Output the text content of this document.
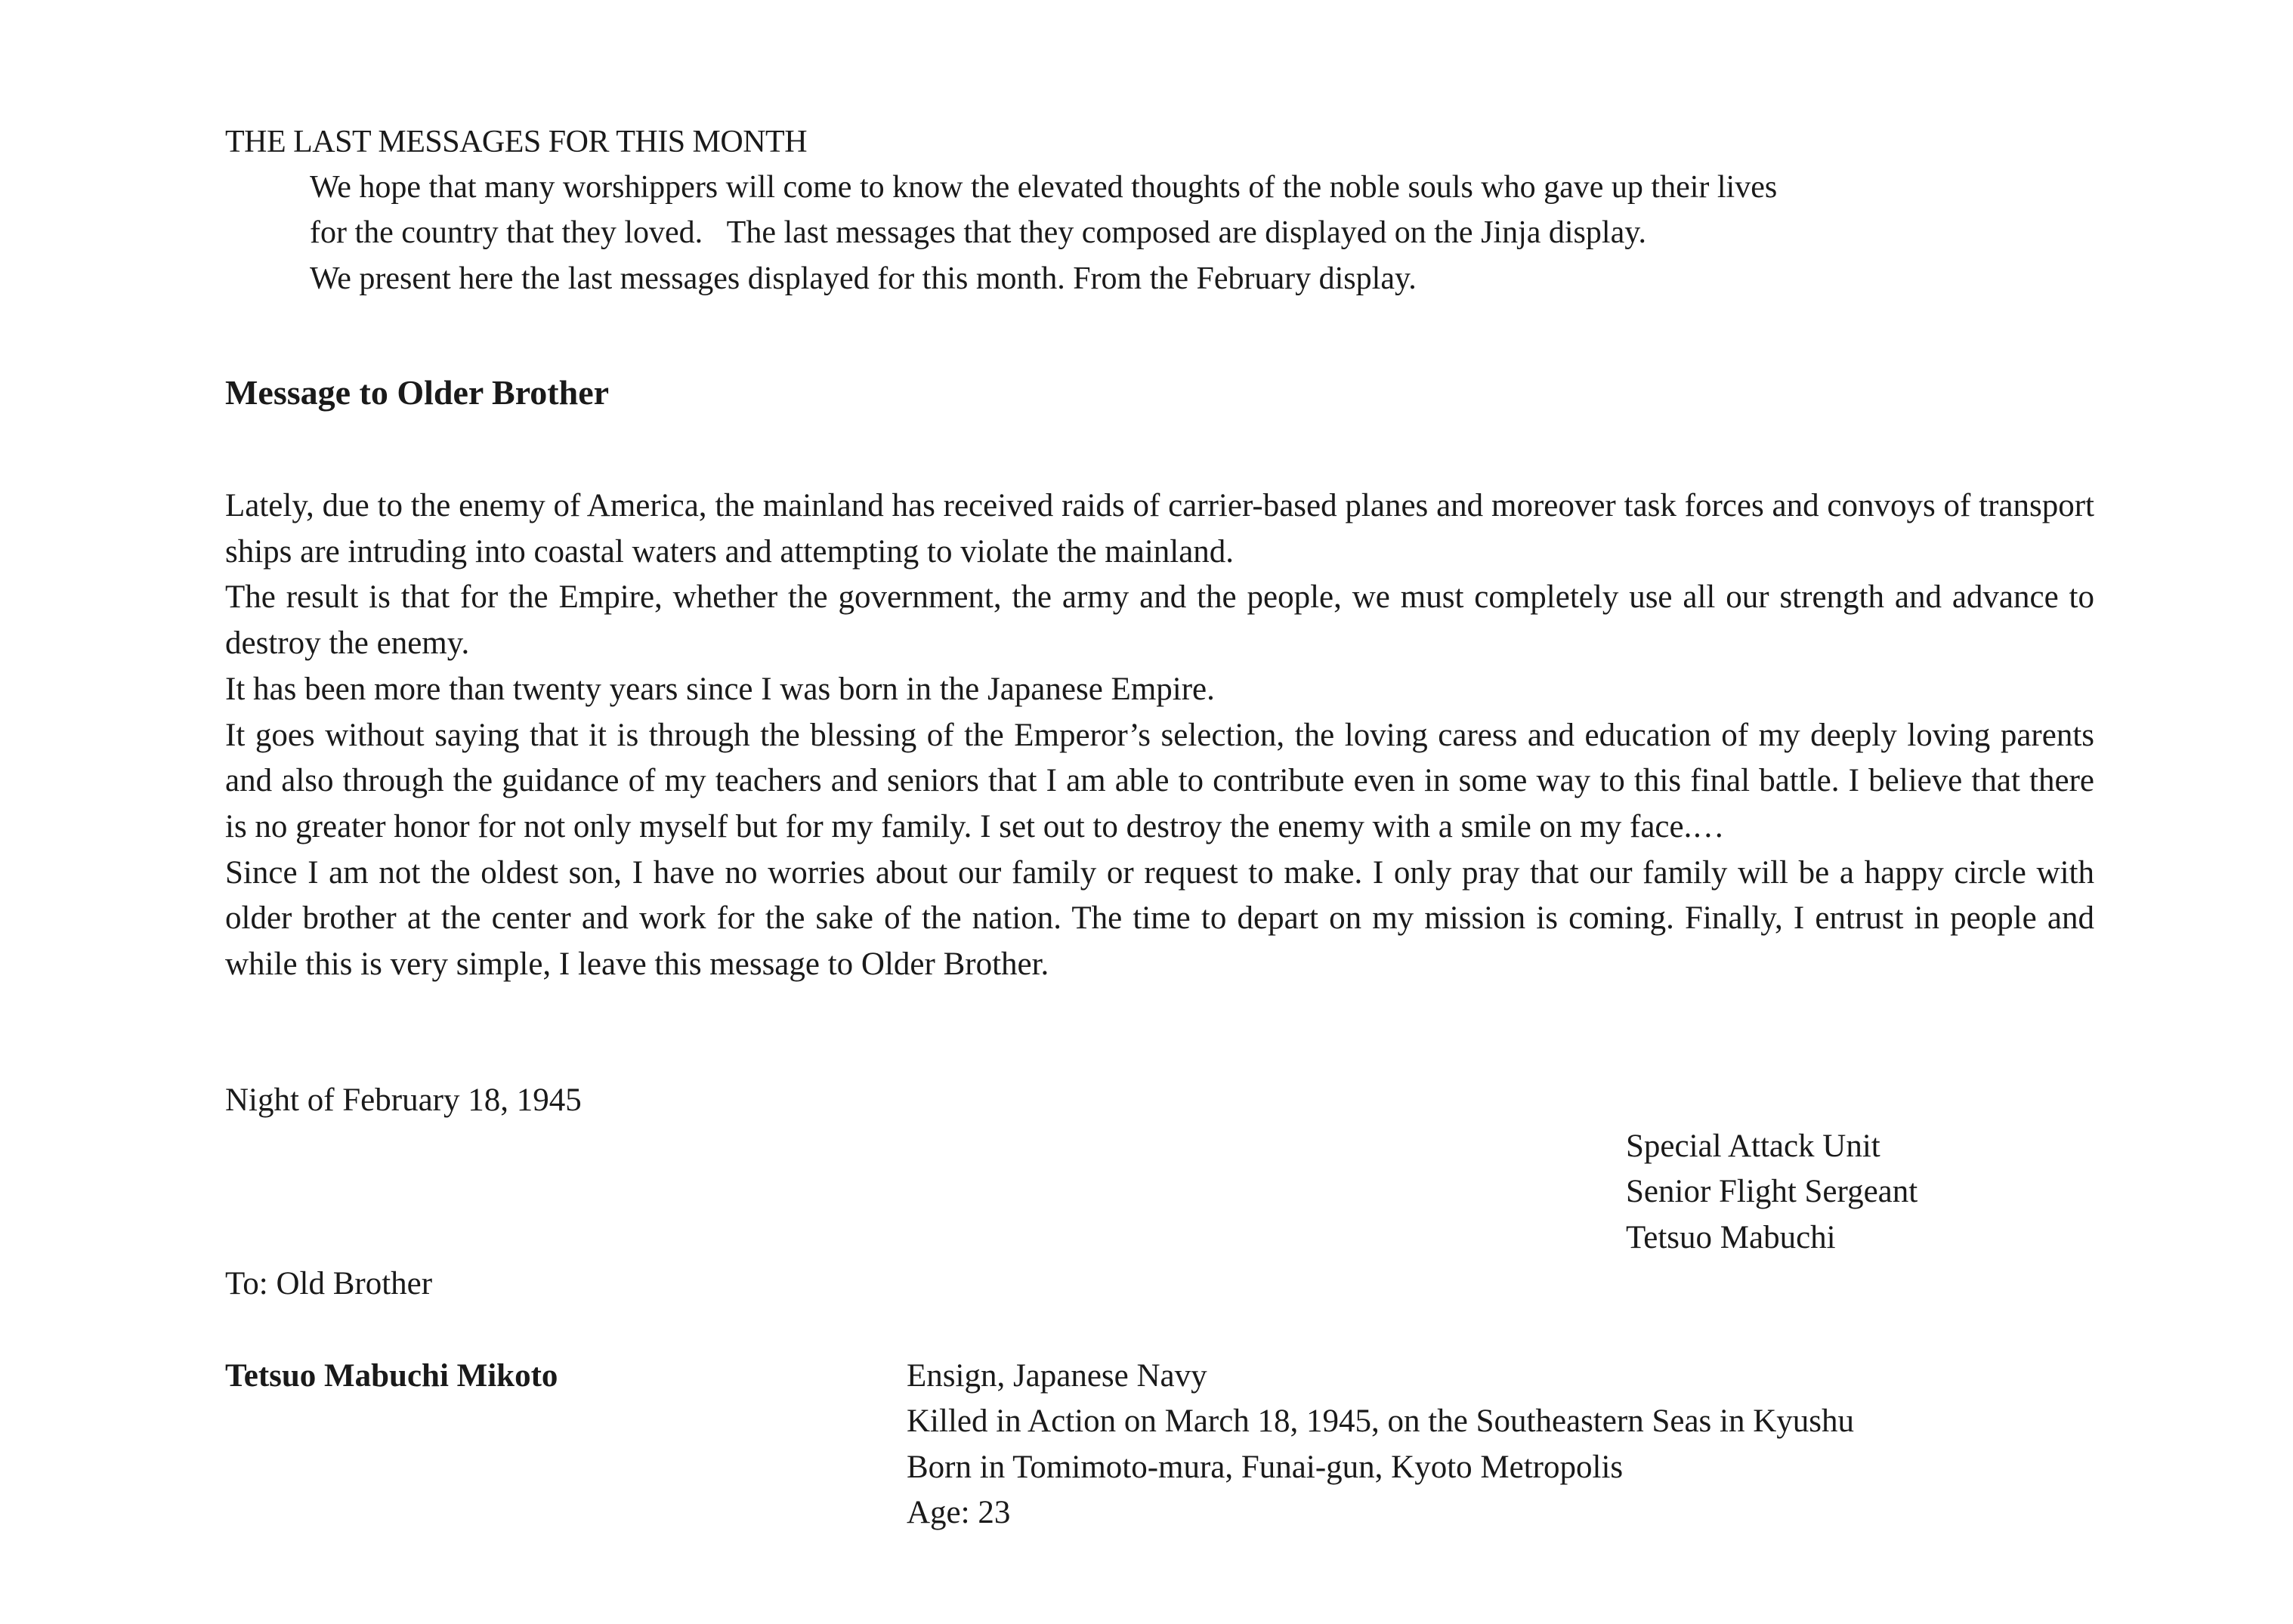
THE LAST MESSAGES FOR THIS MONTH
We hope that many worshippers will come to know the elevated thoughts of the noble souls who gave up their lives
for the country that they loved.   The last messages that they composed are displayed on the Jinja display.
We present here the last messages displayed for this month. From the February display.
Message to Older Brother

Lately, due to the enemy of America, the mainland has received raids of carrier-based planes and moreover task forces and convoys of transport ships are intruding into coastal waters and attempting to violate the mainland.

The result is that for the Empire, whether the government, the army and the people, we must completely use all our strength and advance to destroy the enemy.

It has been more than twenty years since I was born in the Japanese Empire.

It goes without saying that it is through the blessing of the Emperor’s selection, the loving caress and education of my deeply loving parents and also through the guidance of my teachers and seniors that I am able to contribute even in some way to this final battle. I believe that there is no greater honor for not only myself but for my family. I set out to destroy the enemy with a smile on my face.…

Since I am not the oldest son, I have no worries about our family or request to make. I only pray that our family will be a happy circle with older brother at the center and work for the sake of the nation. The time to depart on my mission is coming. Finally, I entrust in people and while this is very simple, I leave this message to Older Brother.

Night of February 18, 1945
Special Attack Unit
Senior Flight Sergeant
Tetsuo Mabuchi
To: Old Brother
Tetsuo Mabuchi Mikoto	Ensign, Japanese Navy
Killed in Action on March 18, 1945, on the Southeastern Seas in Kyushu
Born in Tomimoto-mura, Funai-gun, Kyoto Metropolis
Age: 23
